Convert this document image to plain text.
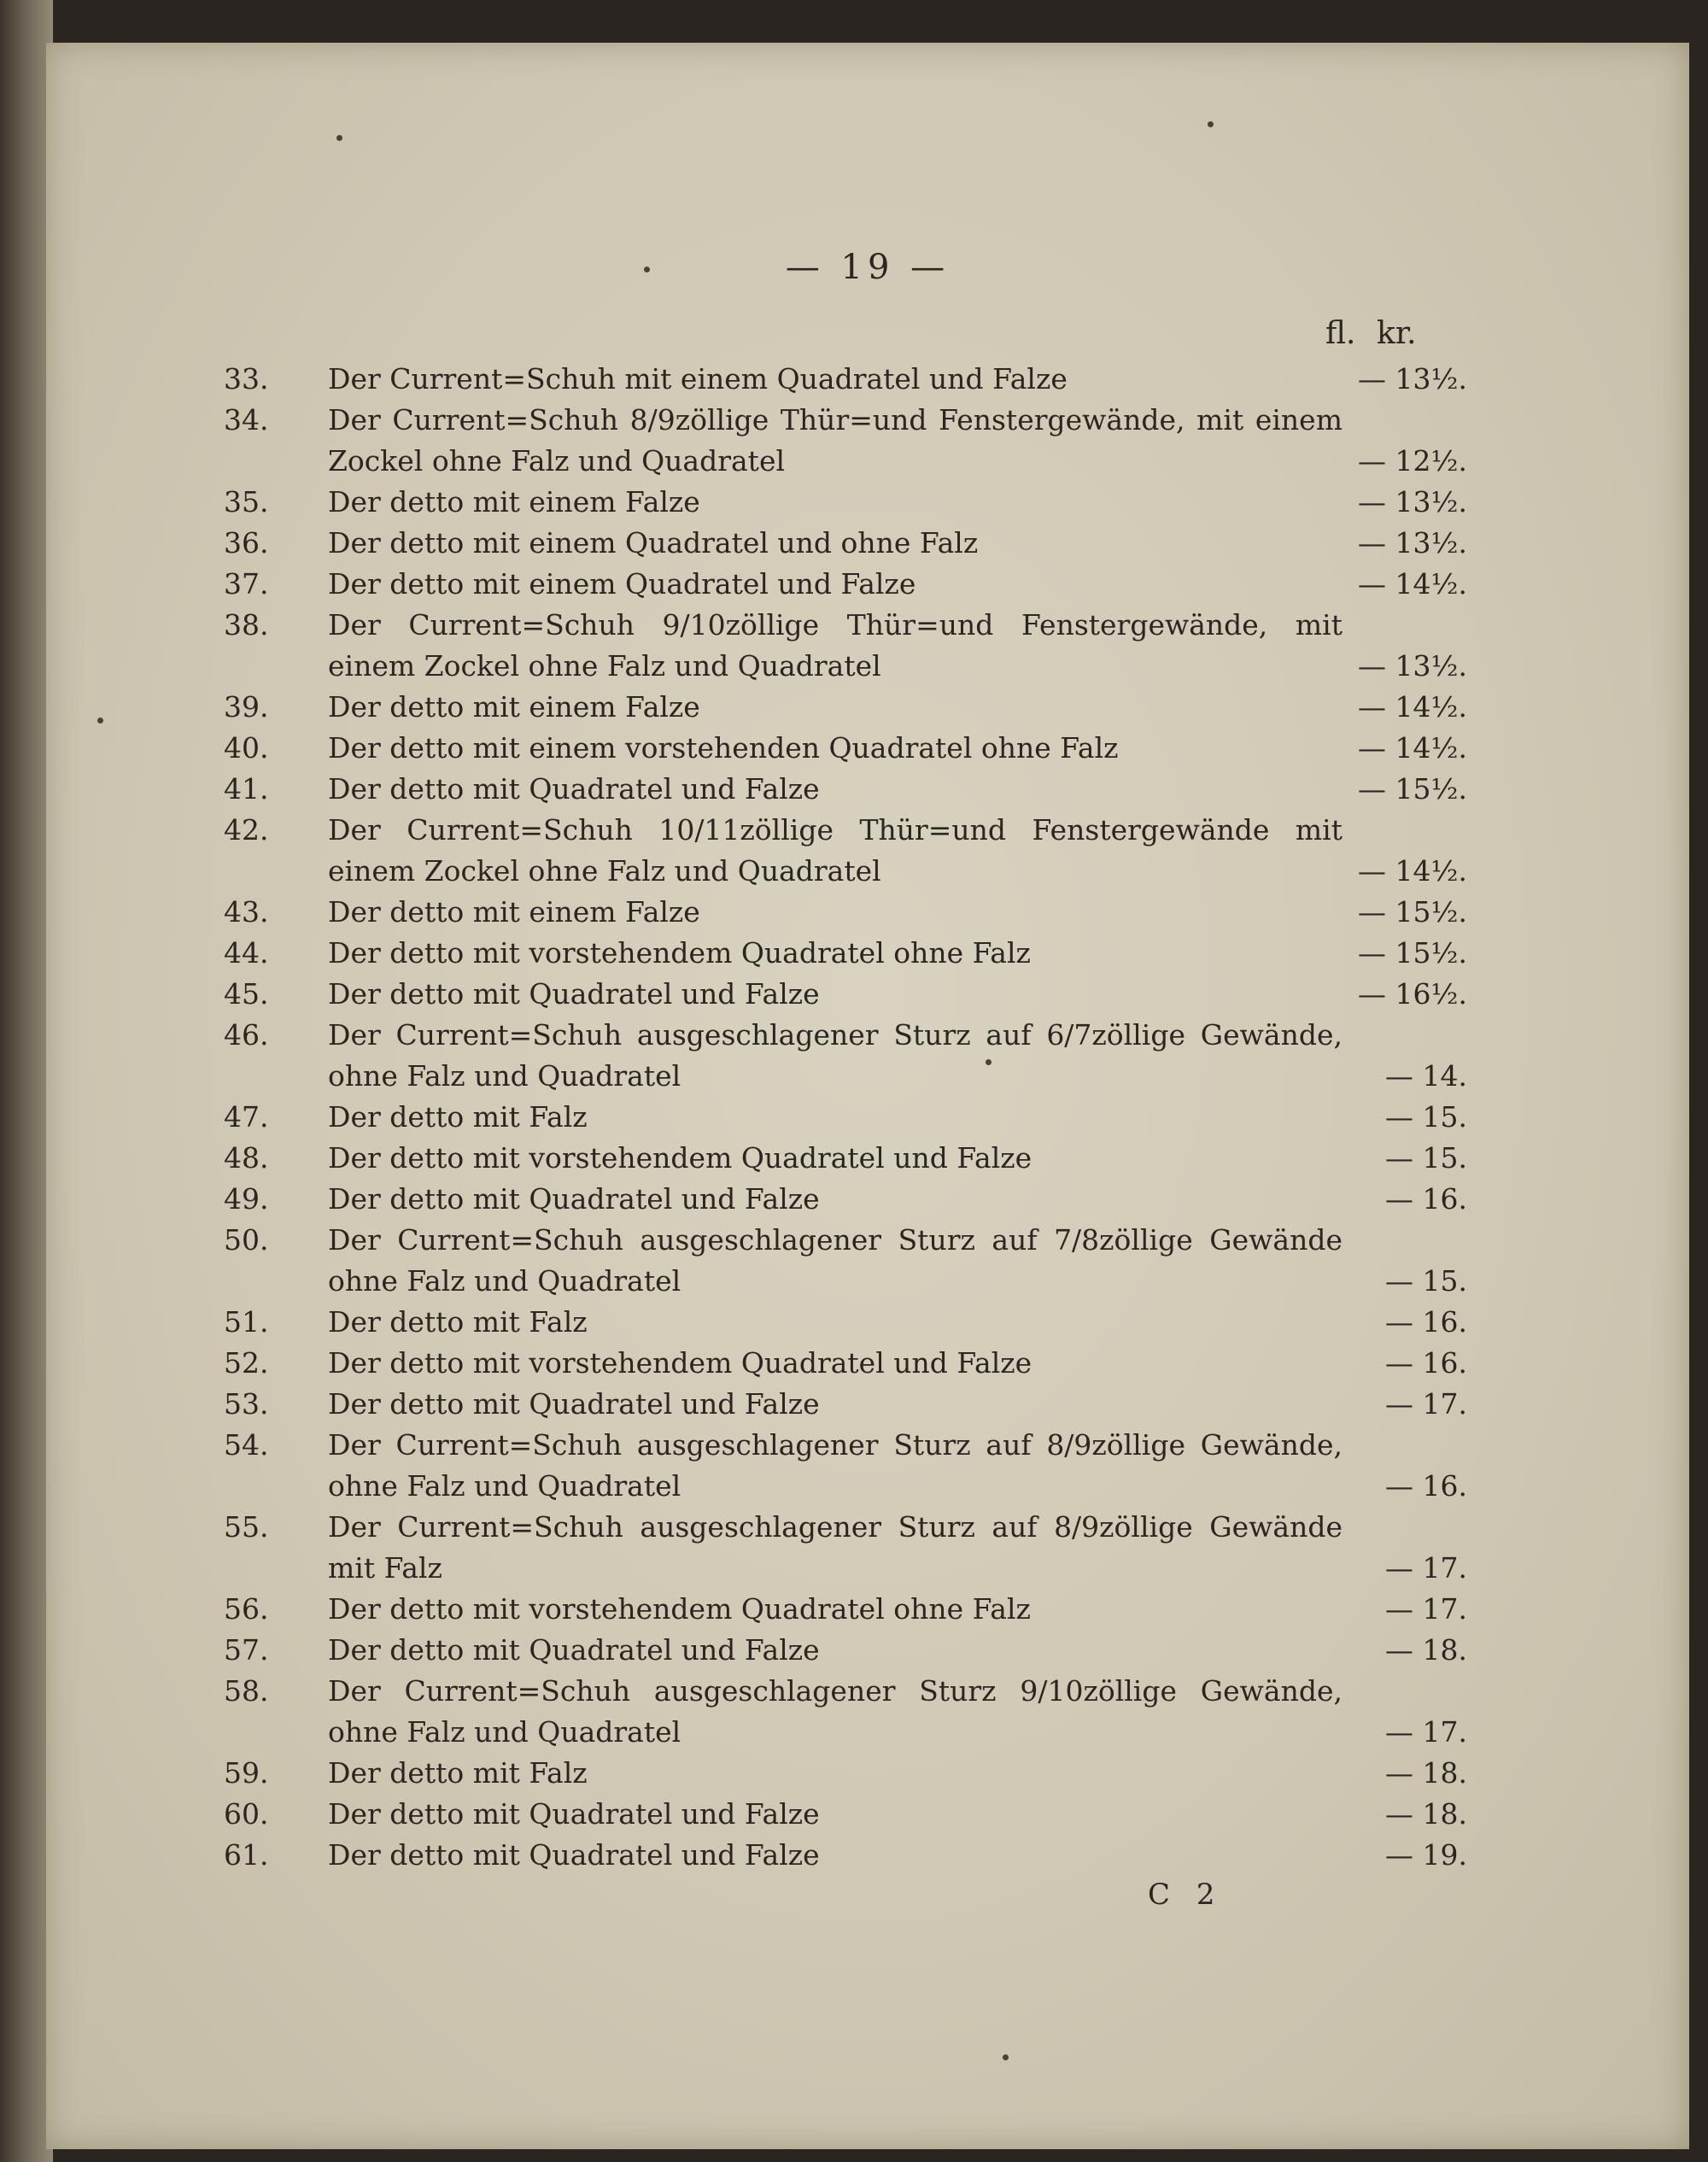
— 19 —
fl. kr.
33.	Der Current=Schuh mit einem Quadratel und Falze	— 13½.
34.	Der Current=Schuh 8/9zöllige Thür=und Fenstergewände, mit einem Zockel ohne Falz und Quadratel	— 12½.
35.	Der detto mit einem Falze	— 13½.
36.	Der detto mit einem Quadratel und ohne Falz	— 13½.
37.	Der detto mit einem Quadratel und Falze	— 14½.
38.	Der Current=Schuh 9/10zöllige Thür=und Fenstergewände, mit einem Zockel ohne Falz und Quadratel	— 13½.
39.	Der detto mit einem Falze	— 14½.
40.	Der detto mit einem vorstehenden Quadratel ohne Falz	— 14½.
41.	Der detto mit Quadratel und Falze	— 15½.
42.	Der Current=Schuh 10/11zöllige Thür=und Fenstergewände mit einem Zockel ohne Falz und Quadratel	— 14½.
43.	Der detto mit einem Falze	— 15½.
44.	Der detto mit vorstehendem Quadratel ohne Falz	— 15½.
45.	Der detto mit Quadratel und Falze	— 16½.
46.	Der Current=Schuh ausgeschlagener Sturz auf 6/7zöllige Gewände, ohne Falz und Quadratel	— 14.
47.	Der detto mit Falz	— 15.
48.	Der detto mit vorstehendem Quadratel und Falze	— 15.
49.	Der detto mit Quadratel und Falze	— 16.
50.	Der Current=Schuh ausgeschlagener Sturz auf 7/8zöllige Gewände ohne Falz und Quadratel	— 15.
51.	Der detto mit Falz	— 16.
52.	Der detto mit vorstehendem Quadratel und Falze	— 16.
53.	Der detto mit Quadratel und Falze	— 17.
54.	Der Current=Schuh ausgeschlagener Sturz auf 8/9zöllige Gewände, ohne Falz und Quadratel	— 16.
55.	Der Current=Schuh ausgeschlagener Sturz auf 8/9zöllige Gewände mit Falz	— 17.
56.	Der detto mit vorstehendem Quadratel ohne Falz	— 17.
57.	Der detto mit Quadratel und Falze	— 18.
58.	Der Current=Schuh ausgeschlagener Sturz 9/10zöllige Gewände, ohne Falz und Quadratel	— 17.
59.	Der detto mit Falz	— 18.
60.	Der detto mit Quadratel und Falze	— 18.
61.	Der detto mit Quadratel und Falze	— 19.
C 2
